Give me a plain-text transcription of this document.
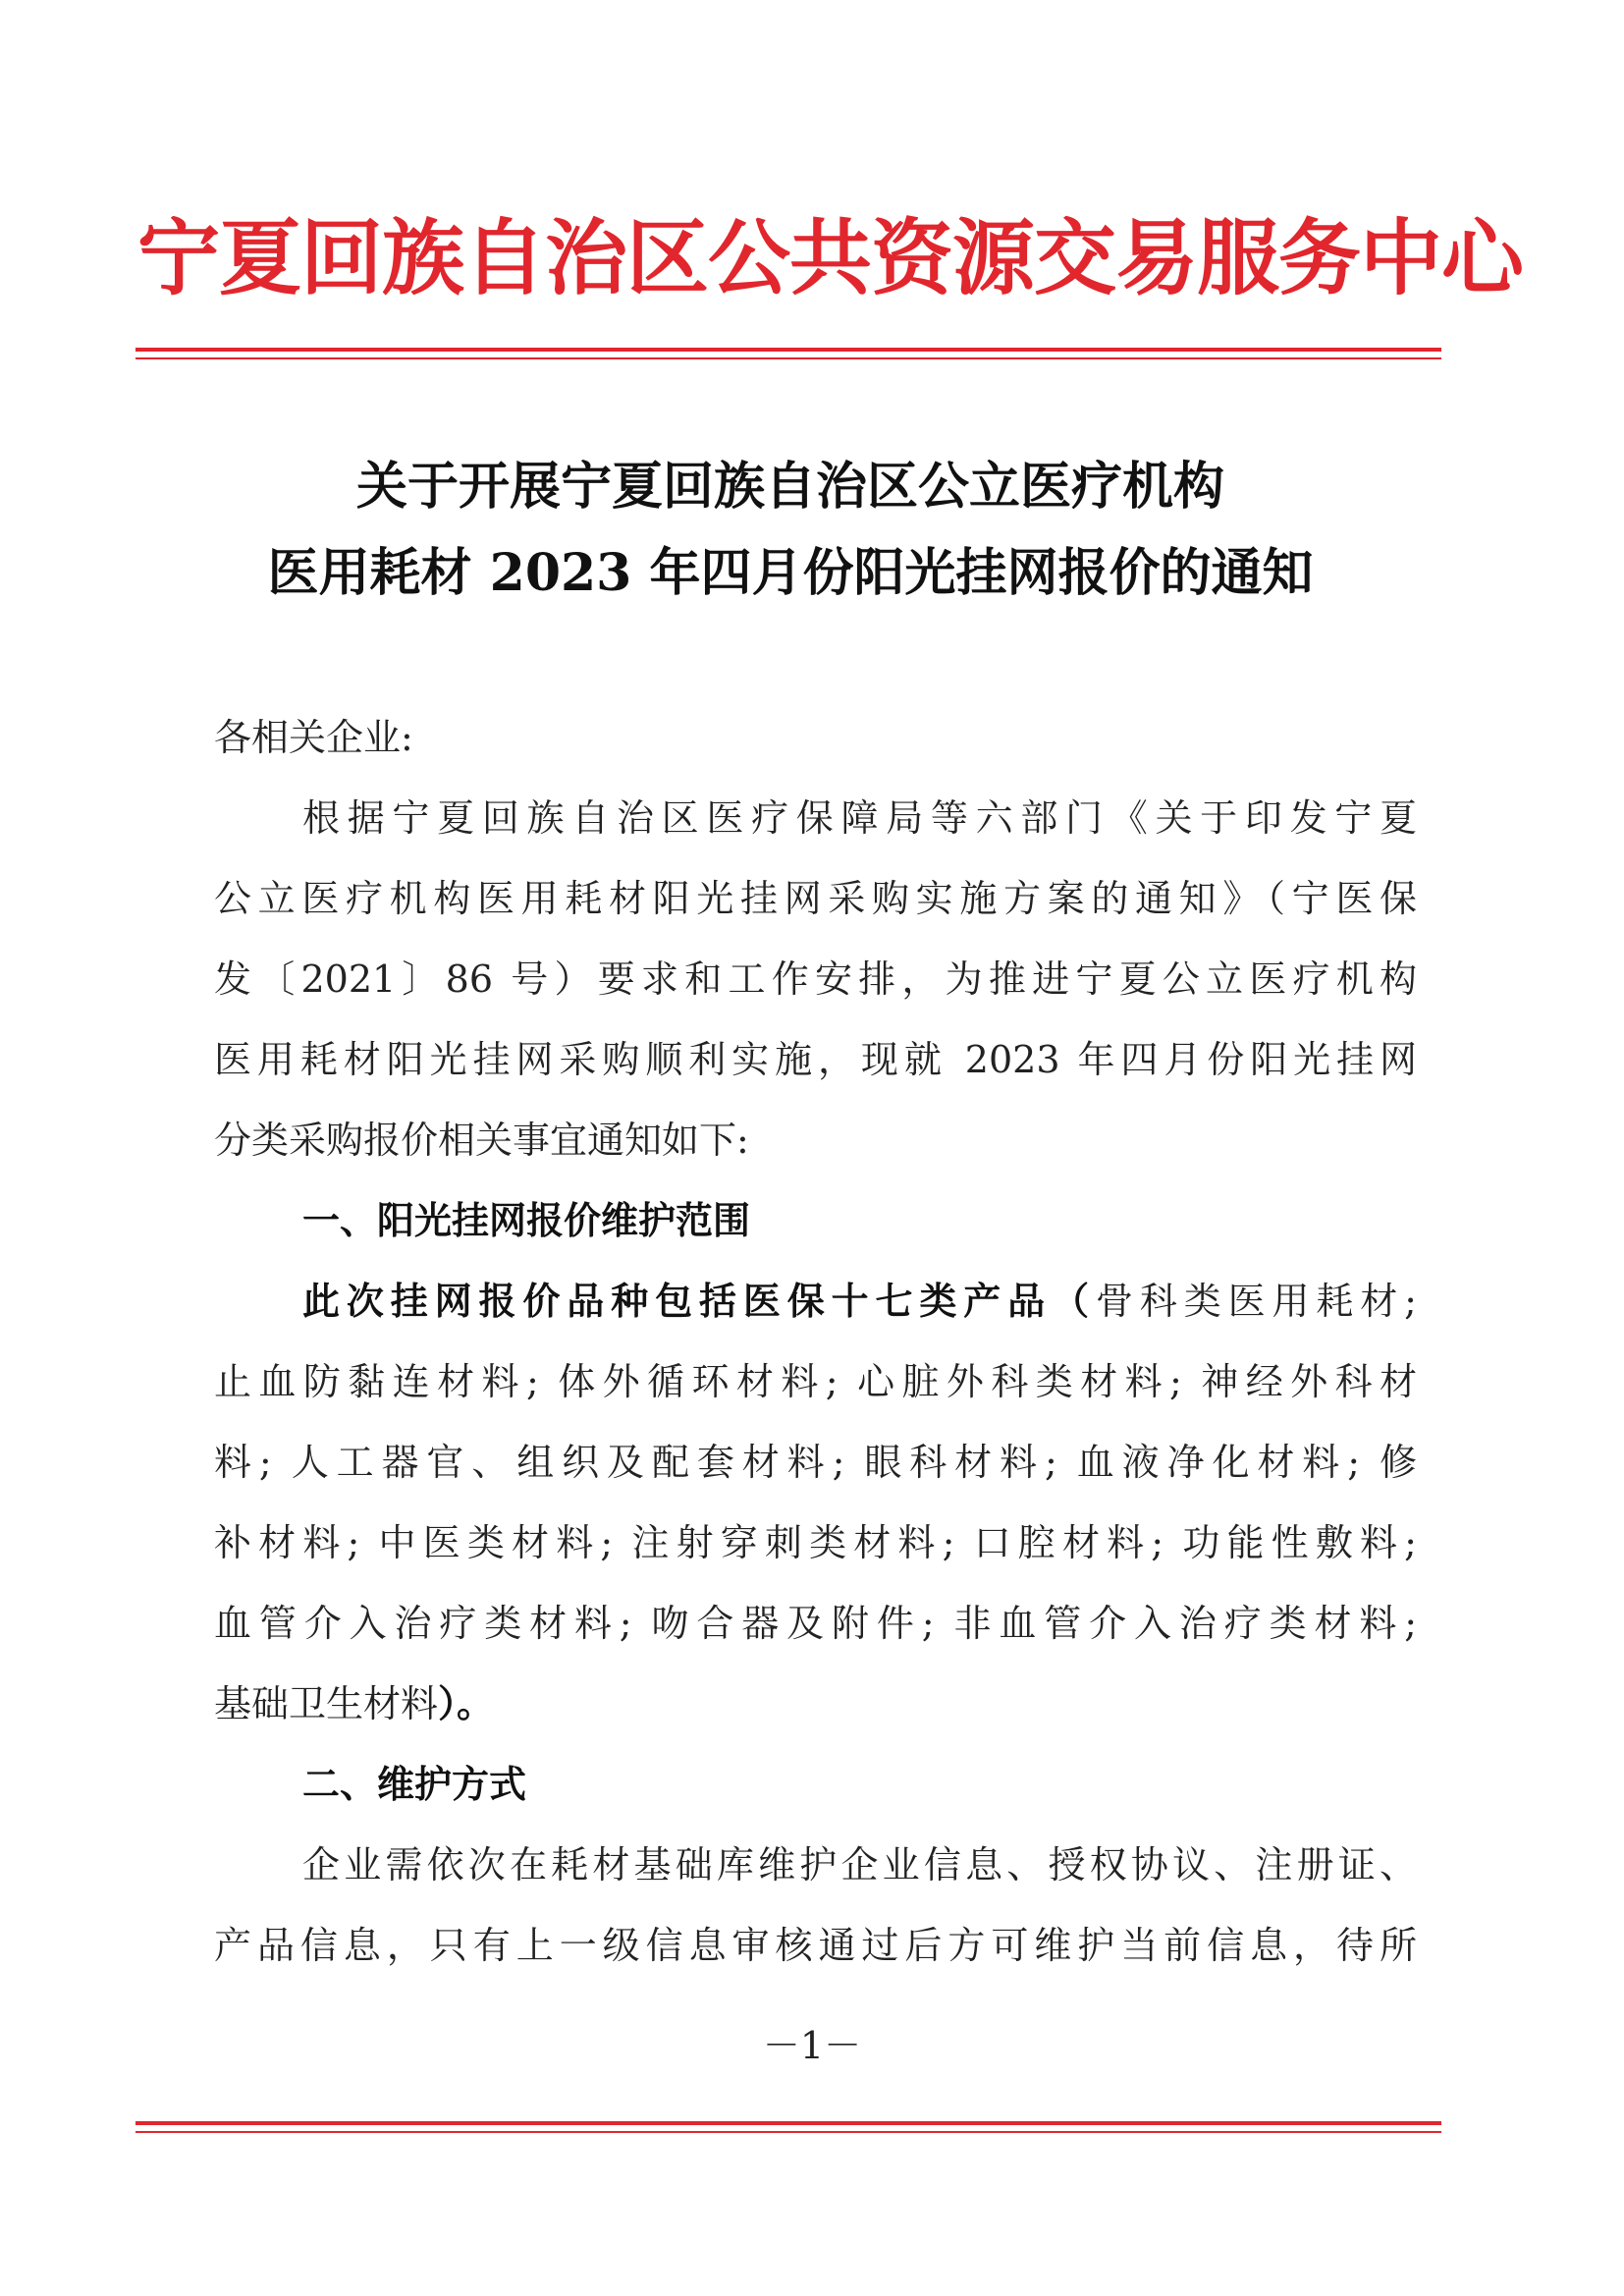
宁夏回族自治区公共资源交易服务中心
关于开展宁夏回族自治区公立医疗机构
医用耗材 2023 年四月份阳光挂网报价的通知
各相关企业:
根据宁夏回族自治区医疗保障局等六部门《关于印发宁夏
公立医疗机构医用耗材阳光挂网采购实施方案的通知》（宁医保
发〔2021〕86 号）要求和工作安排，为推进宁夏公立医疗机构
医用耗材阳光挂网采购顺利实施，现就 2023 年四月份阳光挂网
分类采购报价相关事宜通知如下:
一、阳光挂网报价维护范围
此次挂网报价品种包括医保十七类产品（骨科类医用耗材;
止血防黏连材料; 体外循环材料; 心脏外科类材料; 神经外科材
料; 人工器官、组织及配套材料; 眼科材料; 血液净化材料; 修
补材料; 中医类材料; 注射穿刺类材料; 口腔材料; 功能性敷料;
血管介入治疗类材料; 吻合器及附件; 非血管介入治疗类材料;
基础卫生材料）。
二、维护方式
企业需依次在耗材基础库维护企业信息、授权协议、注册证、
产品信息，只有上一级信息审核通过后方可维护当前信息，待所
－1－
